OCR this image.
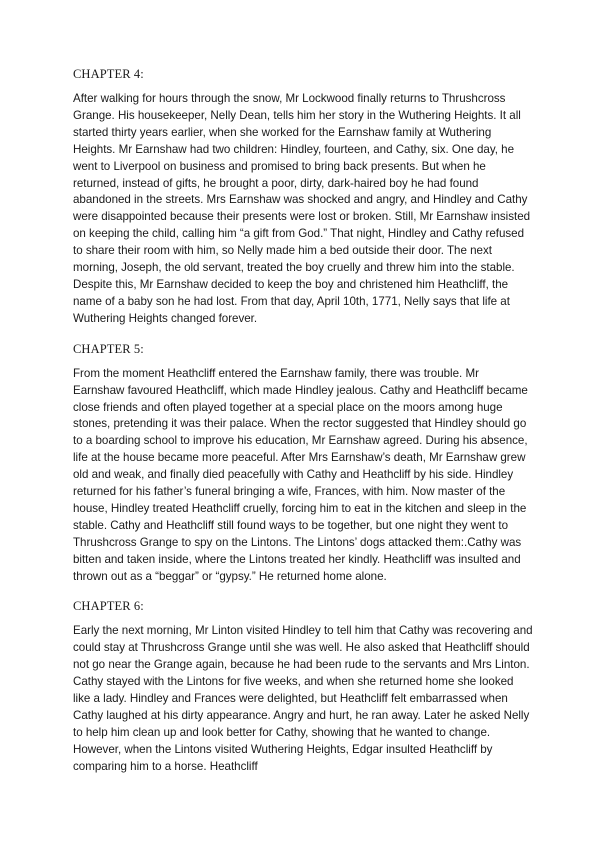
CHAPTER 4:

After walking for hours through the snow, Mr Lockwood finally returns to Thrushcross Grange. His housekeeper, Nelly Dean, tells him her story in the Wuthering Heights. It all started thirty years earlier, when she worked for the Earnshaw family at Wuthering Heights. Mr Earnshaw had two children: Hindley, fourteen, and Cathy, six. One day, he went to Liverpool on business and promised to bring back presents. But when he returned, instead of gifts, he brought a poor, dirty, dark-haired boy he had found abandoned in the streets. Mrs Earnshaw was shocked and angry, and Hindley and Cathy were disappointed because their presents were lost or broken. Still, Mr Earnshaw insisted on keeping the child, calling him “a gift from God.” That night, Hindley and Cathy refused to share their room with him, so Nelly made him a bed outside their door. The next morning, Joseph, the old servant, treated the boy cruelly and threw him into the stable. Despite this, Mr Earnshaw decided to keep the boy and christened him Heathcliff, the name of a baby son he had lost. From that day, April 10th, 1771, Nelly says that life at Wuthering Heights changed forever.

CHAPTER 5:

From the moment Heathcliff entered the Earnshaw family, there was trouble. Mr Earnshaw favoured Heathcliff, which made Hindley jealous. Cathy and Heathcliff became close friends and often played together at a special place on the moors among huge stones, pretending it was their palace. When the rector suggested that Hindley should go to a boarding school to improve his education, Mr Earnshaw agreed. During his absence, life at the house became more peaceful. After Mrs Earnshaw’s death, Mr Earnshaw grew old and weak, and finally died peacefully with Cathy and Heathcliff by his side. Hindley returned for his father’s funeral bringing a wife, Frances, with him. Now master of the house, Hindley treated Heathcliff cruelly, forcing him to eat in the kitchen and sleep in the stable. Cathy and Heathcliff still found ways to be together, but one night they went to Thrushcross Grange to spy on the Lintons. The Lintons’ dogs attacked them:.Cathy was bitten and taken inside, where the Lintons treated her kindly. Heathcliff was insulted and thrown out as a “beggar” or “gypsy.” He returned home alone.

CHAPTER 6:

Early the next morning, Mr Linton visited Hindley to tell him that Cathy was recovering and could stay at Thrushcross Grange until she was well. He also asked that Heathcliff should not go near the Grange again, because he had been rude to the servants and Mrs Linton. Cathy stayed with the Lintons for five weeks, and when she returned home she looked like a lady. Hindley and Frances were delighted, but Heathcliff felt embarrassed when Cathy laughed at his dirty appearance. Angry and hurt, he ran away. Later he asked Nelly to help him clean up and look better for Cathy, showing that he wanted to change. However, when the Lintons visited Wuthering Heights, Edgar insulted Heathcliff by comparing him to a horse. Heathcliff
